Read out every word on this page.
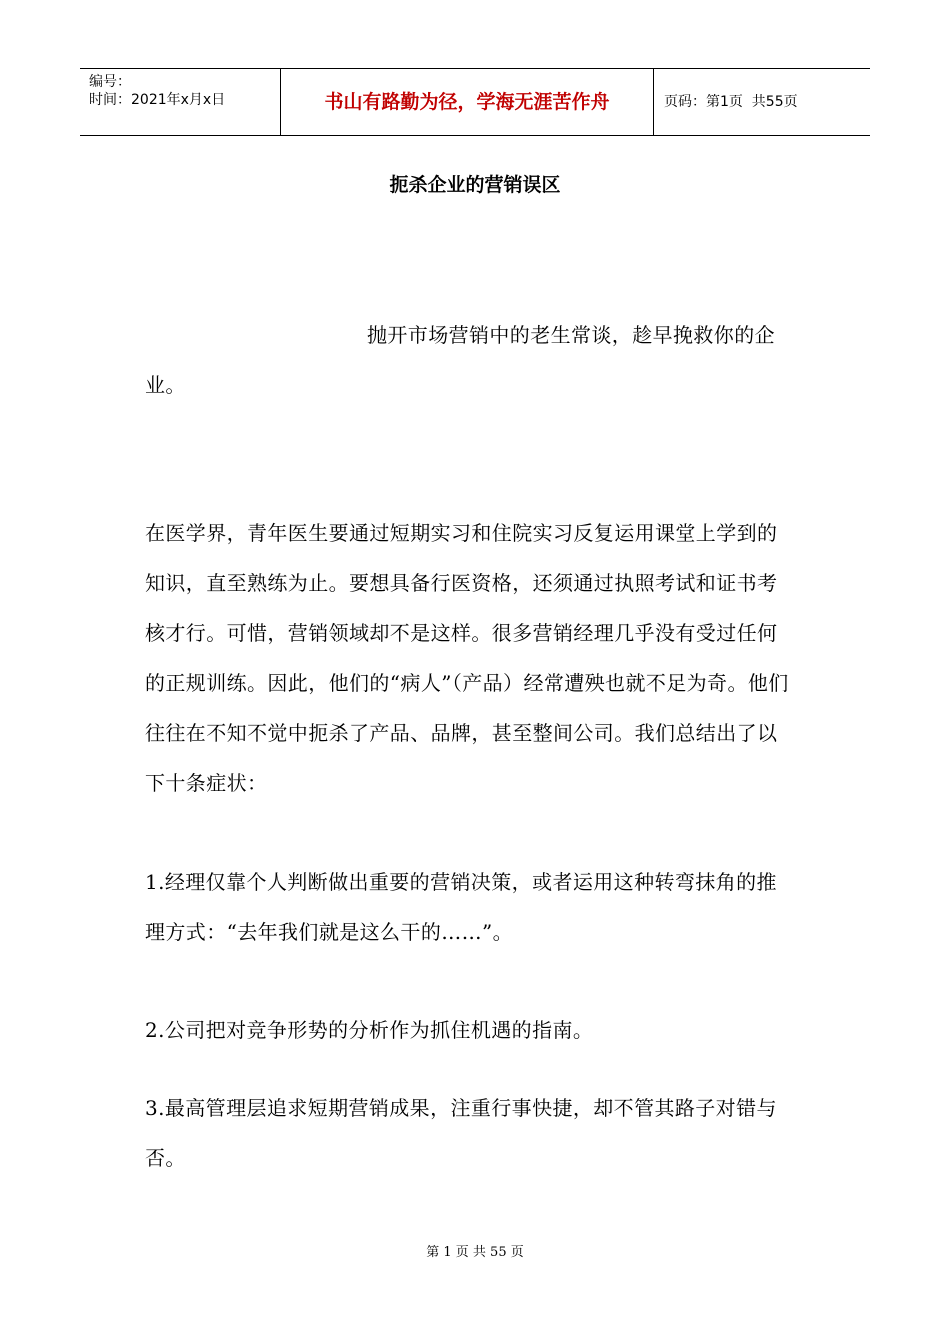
编号：
时间：2021年x月x日	书山有路勤为径，学海无涯苦作舟	页码：第1页  共55页
扼杀企业的营销误区

抛开市场营销中的老生常谈，趁早挽救你的企业。

在医学界，青年医生要通过短期实习和住院实习反复运用课堂上学到的知识，直至熟练为止。要想具备行医资格，还须通过执照考试和证书考核才行。可惜，营销领域却不是这样。很多营销经理几乎没有受过任何的正规训练。因此，他们的“病人”（产品）经常遭殃也就不足为奇。他们往往在不知不觉中扼杀了产品、品牌，甚至整间公司。我们总结出了以下十条症状：

1.经理仅靠个人判断做出重要的营销决策，或者运用这种转弯抹角的推理方式：“去年我们就是这么干的……”。

2.公司把对竞争形势的分析作为抓住机遇的指南。

3.最高管理层追求短期营销成果，注重行事快捷，却不管其路子对错与否。

第 1 页 共 55 页
